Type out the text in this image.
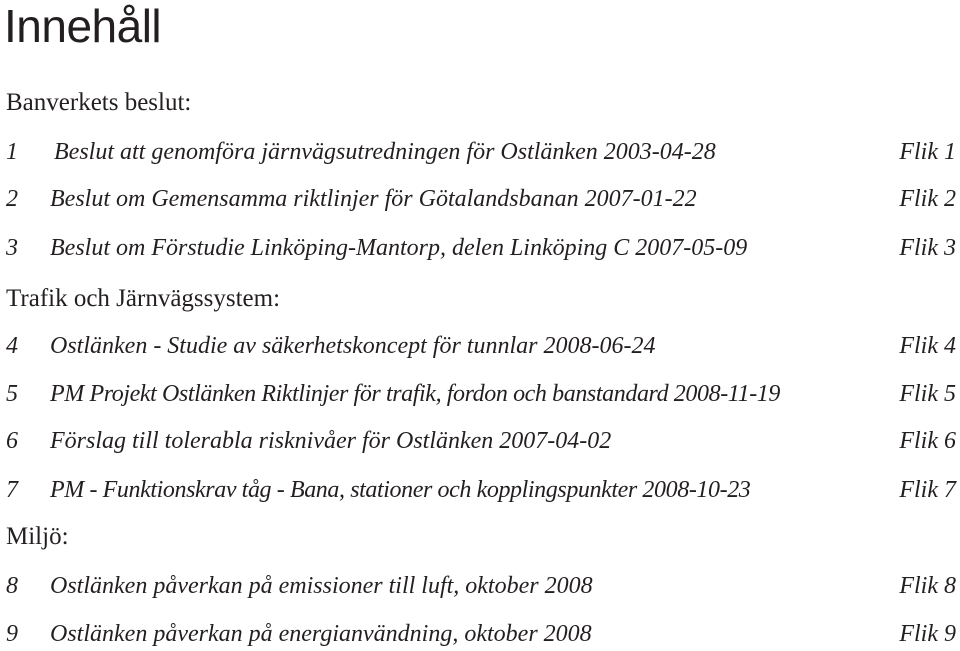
Innehåll
Banverkets beslut:
1 Beslut att genomföra järnvägsutredningen för Ostlänken 2003-04-28	Flik 1
2 Beslut om Gemensamma riktlinjer för Götalandsbanan 2007-01-22	Flik 2
3 Beslut om Förstudie Linköping-Mantorp, delen Linköping C 2007-05-09	Flik 3
Trafik och Järnvägssystem:
4 Ostlänken - Studie av säkerhetskoncept för tunnlar 2008-06-24	Flik 4
5 PM Projekt Ostlänken Riktlinjer för trafik, fordon och banstandard 2008-11-19	Flik 5
6 Förslag till tolerabla risknivåer för Ostlänken 2007-04-02	Flik 6
7 PM - Funktionskrav tåg - Bana, stationer och kopplingspunkter 2008-10-23	Flik 7
Miljö:
8 Ostlänken påverkan på emissioner till luft, oktober 2008	Flik 8
9 Ostlänken påverkan på energianvändning, oktober 2008	Flik 9
